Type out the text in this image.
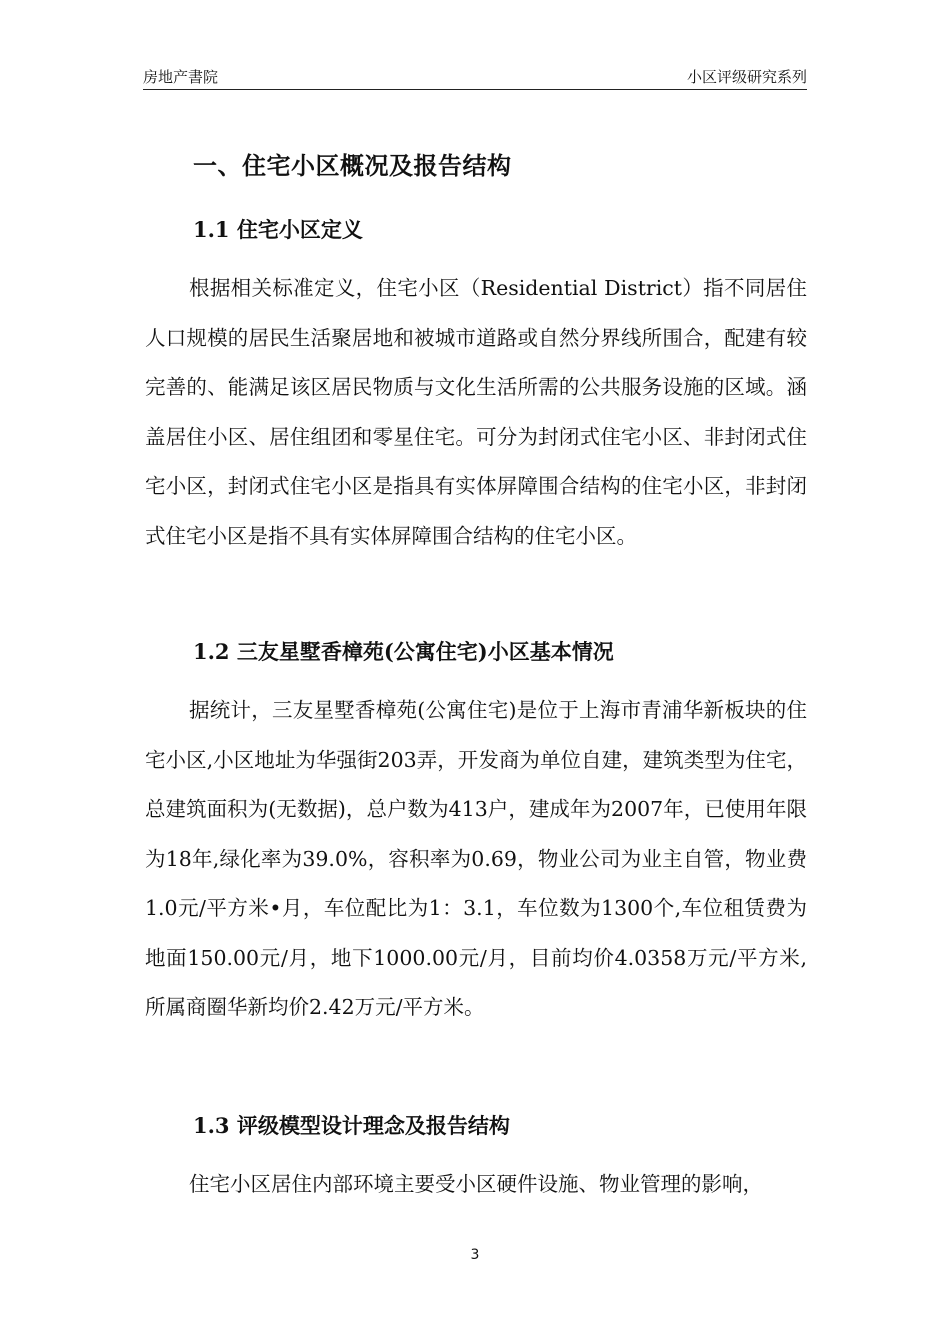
房地产書院	小区评级研究系列
一、住宅小区概况及报告结构
1.1 住宅小区定义

根据相关标准定义，住宅小区（Residential District）指不同居住人口规模的居民生活聚居地和被城市道路或自然分界线所围合，配建有较完善的、能满足该区居民物质与文化生活所需的公共服务设施的区域。涵盖居住小区、居住组团和零星住宅。可分为封闭式住宅小区、非封闭式住宅小区，封闭式住宅小区是指具有实体屏障围合结构的住宅小区，非封闭式住宅小区是指不具有实体屏障围合结构的住宅小区。

1.2 三友星墅香樟苑(公寓住宅)小区基本情况

据统计，三友星墅香樟苑(公寓住宅)是位于上海市青浦华新板块的住宅小区,小区地址为华强街203弄，开发商为单位自建，建筑类型为住宅，总建筑面积为(无数据)，总户数为413户，建成年为2007年，已使用年限为18年,绿化率为39.0%，容积率为0.69，物业公司为业主自管，物业费1.0元/平方米•月，车位配比为1：3.1，车位数为1300个,车位租赁费为地面150.00元/月，地下1000.00元/月，目前均价4.0358万元/平方米,所属商圈华新均价2.42万元/平方米。

1.3 评级模型设计理念及报告结构

住宅小区居住内部环境主要受小区硬件设施、物业管理的影响，

3
